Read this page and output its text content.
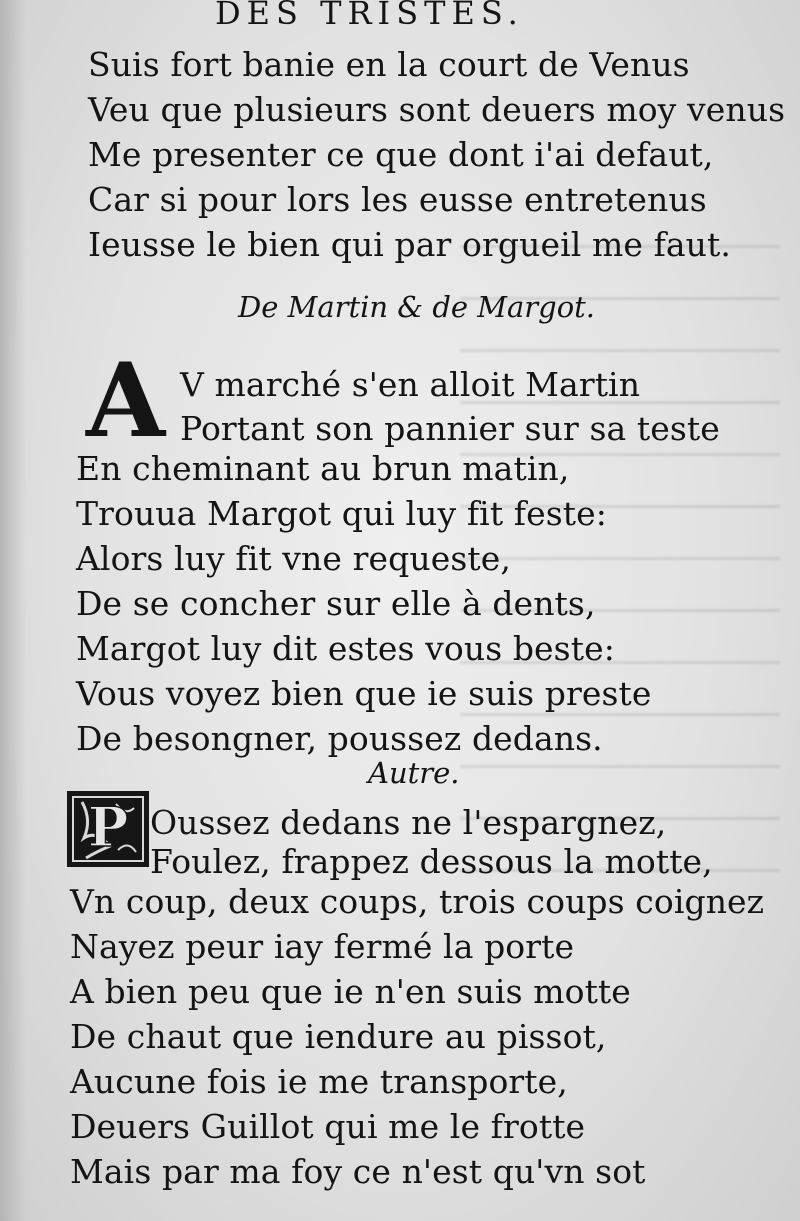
DES TRISTES.
Suis fort banie en la court de Venus
Veu que plusieurs sont deuers moy venus
Me presenter ce que dont i'ai defaut,
Car si pour lors les eusse entretenus
Ieusse le bien qui par orgueil me faut.
De Martin & de Margot.
A V marché s'en alloit Martin
Portant son pannier sur sa teste
En cheminant au brun matin,
Trouua Margot qui luy fit feste:
Alors luy fit vne requeste,
De se concher sur elle à dents,
Margot luy dit estes vous beste:
Vous voyez bien que ie suis preste
De besongner, poussez dedans.
Autre.
P Oussez dedans ne l'espargnez,
Foulez, frappez dessous la motte,
Vn coup, deux coups, trois coups coignez
Nayez peur iay fermé la porte
A bien peu que ie n'en suis motte
De chaut que iendure au pissot,
Aucune fois ie me transporte,
Deuers Guillot qui me le frotte
Mais par ma foy ce n'est qu'vn sot
